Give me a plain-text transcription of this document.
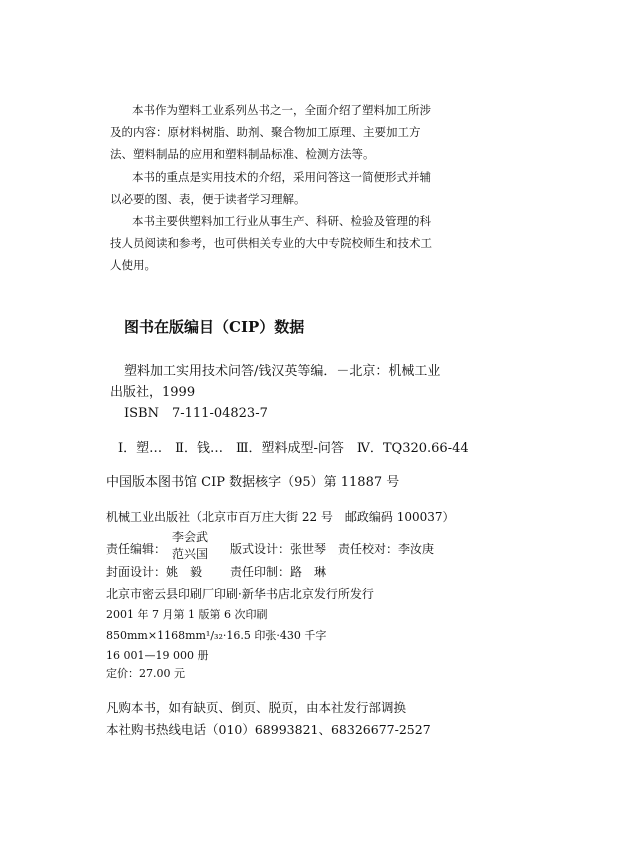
本书作为塑料工业系列丛书之一，全面介绍了塑料加工所涉
及的内容：原材料树脂、助剂、聚合物加工原理、主要加工方
法、塑料制品的应用和塑料制品标准、检测方法等。
本书的重点是实用技术的介绍，采用问答这一简便形式并辅
以必要的图、表，便于读者学习理解。
本书主要供塑料加工行业从事生产、科研、检验及管理的科
技人员阅读和参考，也可供相关专业的大中专院校师生和技术工
人使用。
图书在版编目（CIP）数据
塑料加工实用技术问答/钱汉英等编．－北京：机械工业
出版社，1999
ISBN　7-111-04823-7
Ⅰ．塑…　Ⅱ．钱…　Ⅲ．塑料成型-问答　Ⅳ．TQ320.66-44
中国版本图书馆 CIP 数据核字（95）第 11887 号
机械工业出版社（北京市百万庄大街 22 号　邮政编码 100037）
责任编辑：
李会武
范兴国 版式设计：张世琴 责任校对：李汝庚
封面设计：姚　毅 责任印制：路　琳
北京市密云县印刷厂印刷·新华书店北京发行所发行
2001 年 7 月第 1 版第 6 次印刷
850mm×1168mm¹/₃₂·16.5 印张·430 千字
16 001—19 000 册
定价：27.00 元
凡购本书，如有缺页、倒页、脱页，由本社发行部调换
本社购书热线电话（010）68993821、68326677-2527
